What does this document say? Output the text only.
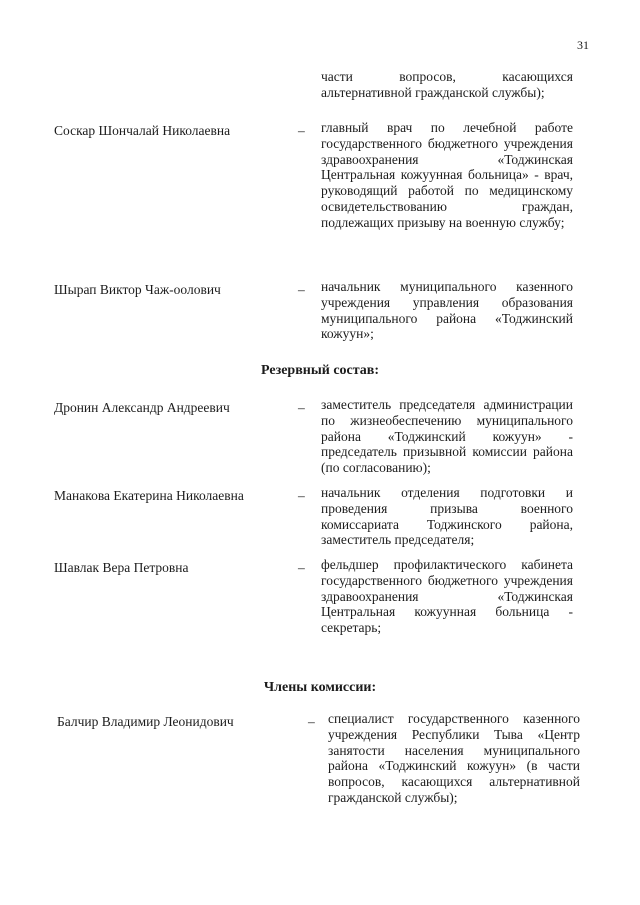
31
части вопросов, касающихся альтернативной гражданской службы);
Соскар Шончалай Николаевна	– главный врач по лечебной работе государственного бюджетного учреждения здравоохранения «Тоджинская Центральная кожуунная больница» - врач, руководящий работой по медицинскому освидетельствованию граждан, подлежащих призыву на военную службу;
Шырап Виктор Чаж-оолович	– начальник муниципального казенного учреждения управления образования муниципального района «Тоджинский кожуун»;
Резервный состав:
Дронин Александр Андреевич	– заместитель председателя администрации по жизнеобеспечению муниципального района «Тоджинский кожуун» - председатель призывной комиссии района (по согласованию);
Манакова Екатерина Николаевна	– начальник отделения подготовки и проведения призыва военного комиссариата Тоджинского района, заместитель председателя;
Шавлак Вера Петровна	– фельдшер профилактического кабинета государственного бюджетного учреждения здравоохранения «Тоджинская Центральная кожуунная больница - секретарь;
Члены комиссии:
Балчир Владимир Леонидович	– специалист государственного казенного учреждения Республики Тыва «Центр занятости населения муниципального района «Тоджинский кожуун» (в части вопросов, касающихся альтернативной гражданской службы);
